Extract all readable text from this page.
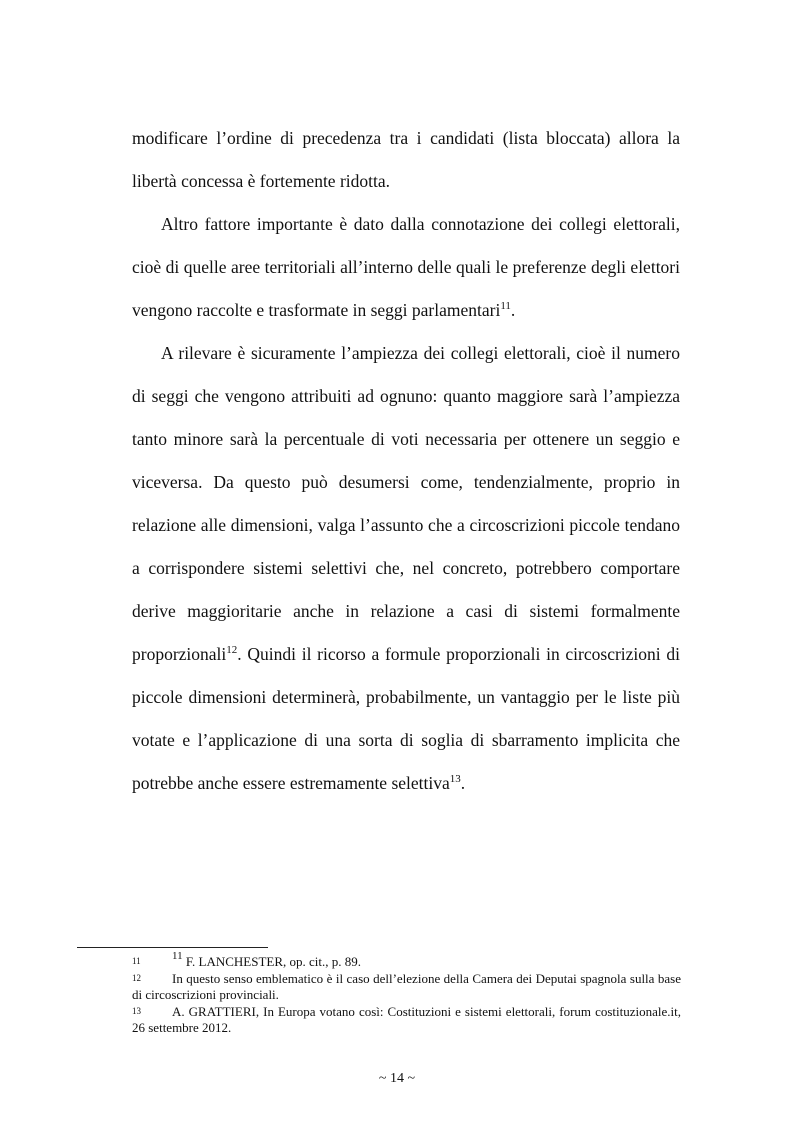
modificare l’ordine di precedenza tra i candidati (lista bloccata) allora la libertà concessa è fortemente ridotta.

Altro fattore importante è dato dalla connotazione dei collegi elettorali, cioè di quelle aree territoriali all’interno delle quali le preferenze degli elettori vengono raccolte e trasformate in seggi parlamentari$^{11}$.

A rilevare è sicuramente l’ampiezza dei collegi elettorali, cioè il numero di seggi che vengono attribuiti ad ognuno: quanto maggiore sarà l’ampiezza tanto minore sarà la percentuale di voti necessaria per ottenere un seggio e viceversa. Da questo può desumersi come, tendenzialmente, proprio in relazione alle dimensioni, valga l’assunto che a circoscrizioni piccole tendano a corrispondere sistemi selettivi che, nel concreto, potrebbero comportare derive maggioritarie anche in relazione a casi di sistemi formalmente proporzionali$^{12}$. Quindi il ricorso a formule proporzionali in circoscrizioni di piccole dimensioni determinerà, probabilmente, un vantaggio per le liste più votate e l’applicazione di una sorta di soglia di sbarramento implicita che potrebbe anche essere estremamente selettiva$^{13}$.

11	$^{11}$ F. LANCHESTER, op. cit., p. 89.

12 In questo senso emblematico è il caso dell’elezione della Camera dei Deputai spagnola sulla base di circoscrizioni provinciali.

13 A. GRATTIERI, In Europa votano così: Costituzioni e sistemi elettorali, forum costituzionale.it, 26 settembre 2012.

~ 14 ~
